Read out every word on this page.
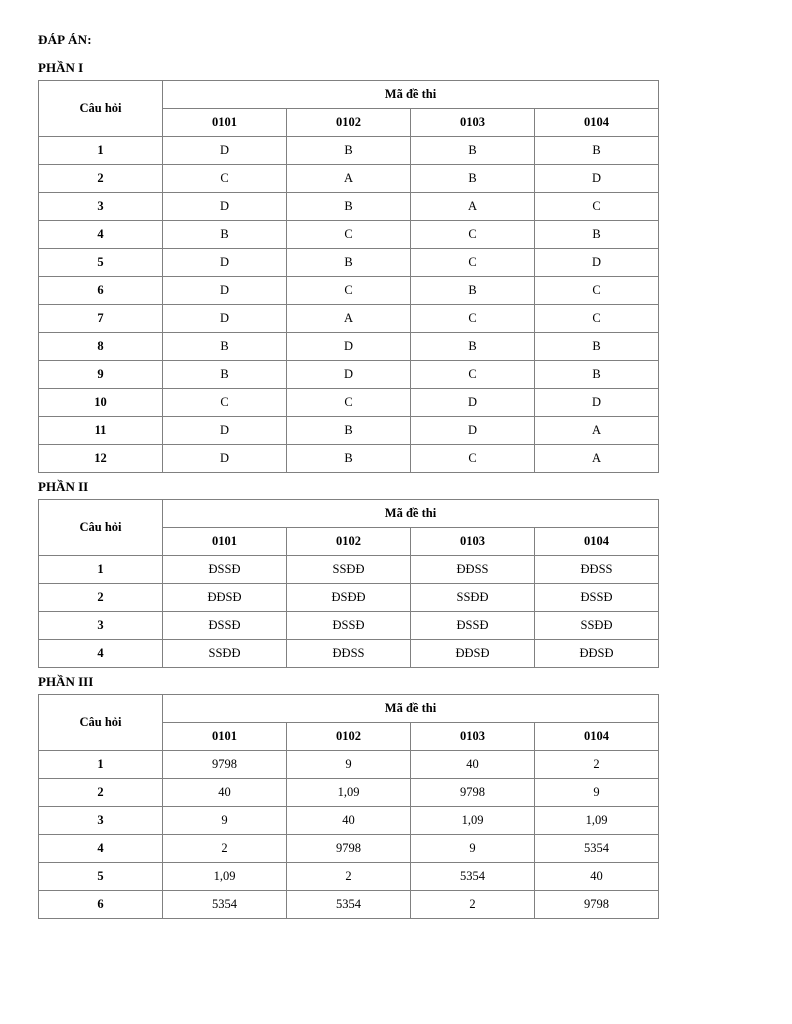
ĐÁP ÁN:
PHẦN I
Câu hỏi	Mã đề thi			
	0101	0102	0103	0104
1	D	B	B	B
2	C	A	B	D
3	D	B	A	C
4	B	C	C	B
5	D	B	C	D
6	D	C	B	C
7	D	A	C	C
8	B	D	B	B
9	B	D	C	B
10	C	C	D	D
11	D	B	D	A
12	D	B	C	A
PHẦN II
Câu hỏi	Mã đề thi			
	0101	0102	0103	0104
1	ĐSSĐ	SSĐĐ	ĐĐSS	ĐĐSS
2	ĐĐSĐ	ĐSĐĐ	SSĐĐ	ĐSSĐ
3	ĐSSĐ	ĐSSĐ	ĐSSĐ	SSĐĐ
4	SSĐĐ	ĐĐSS	ĐĐSĐ	ĐĐSĐ
PHẦN III
Câu hỏi	Mã đề thi			
	0101	0102	0103	0104
1	9798	9	40	2
2	40	1,09	9798	9
3	9	40	1,09	1,09
4	2	9798	9	5354
5	1,09	2	5354	40
6	5354	5354	2	9798
